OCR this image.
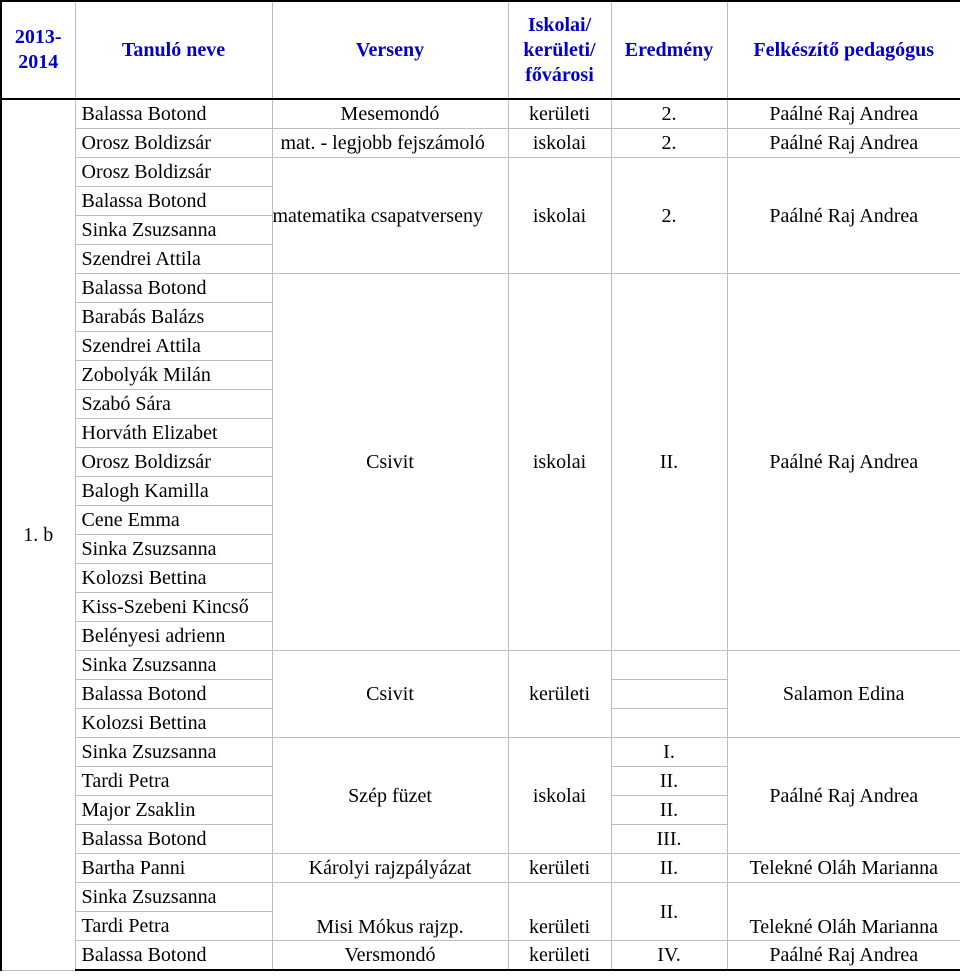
2013-2014	Tanuló neve	Verseny	Iskolai/ kerületi/ fővárosi	Eredmény	Felkészítő pedagógus
1. b	Balassa Botond	Mesemondó	kerületi	2.	Paálné Raj Andrea
	Orosz Boldizsár	mat. - legjobb fejszámoló	iskolai	2.	Paálné Raj Andrea
	Orosz Boldizsár	matematika csapatverseny	iskolai	2.	Paálné Raj Andrea
	Balassa Botond				
	Sinka Zsuzsanna				
	Szendrei Attila				
	Balassa Botond	Csivit	iskolai	II.	Paálné Raj Andrea
	Barabás Balázs				
	Szendrei Attila				
	Zobolyák Milán				
	Szabó Sára				
	Horváth Elizabet				
	Orosz Boldizsár				
	Balogh Kamilla				
	Cene Emma				
	Sinka Zsuzsanna				
	Kolozsi Bettina				
	Kiss-Szebeni Kincső				
	Belényesi adrienn				
	Sinka Zsuzsanna	Csivit	kerületi		Salamon Edina
	Balassa Botond				
	Kolozsi Bettina				
	Sinka Zsuzsanna	Szép füzet	iskolai	I.	Paálné Raj Andrea
	Tardi Petra			II.	
	Major Zsaklin			II.	
	Balassa Botond			III.	
	Bartha Panni	Károlyi rajzpályázat	kerületi	II.	Telekné Oláh Marianna
	Sinka Zsuzsanna	Misi Mókus rajzp.	kerületi	II.	Telekné Oláh Marianna
	Tardi Petra				
	Balassa Botond	Versmondó	kerületi	IV.	Paálné Raj Andrea
